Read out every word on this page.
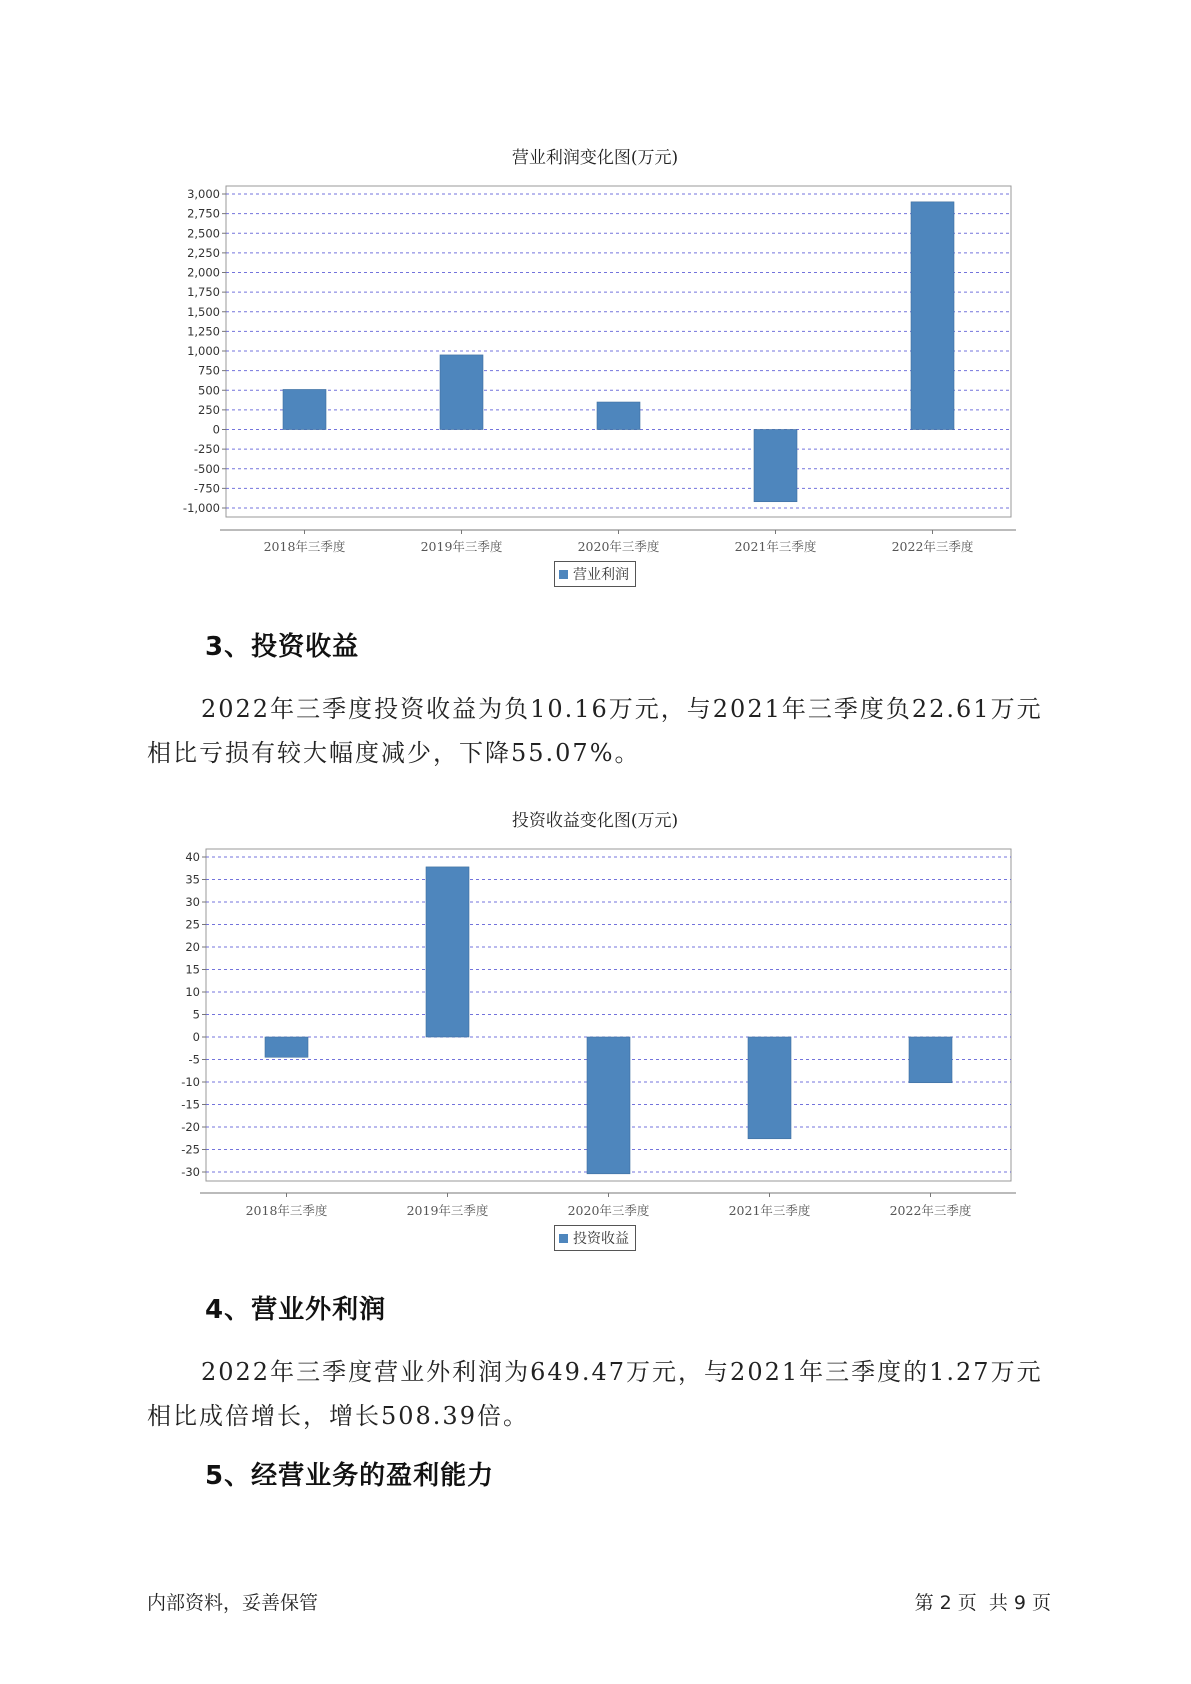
营业利润变化图(万元)
3,000
2,750
2,500
2,250
2,000
1,750
1,500
1,250
1,000
750
500
250
0
-250
-500
-750
-1,000
2018年三季度	2019年三季度	2020年三季度	2021年三季度	2022年三季度
40
35
30
25
20
15
10
5
0
-5
-10
-15
-20
-25
-30
2018年三季度	2019年三季度	2020年三季度	2021年三季度	2022年三季度
营业利润
3、投资收益
2022年三季度投资收益为负10.16万元，与2021年三季度负22.61万元
相比亏损有较大幅度减少，下降55.07%。
投资收益变化图(万元)
投资收益
4、营业外利润
2022年三季度营业外利润为649.47万元，与2021年三季度的1.27万元
相比成倍增长，增长508.39倍。
5、经营业务的盈利能力
内部资料，妥善保管	第 2 页  共 9 页
